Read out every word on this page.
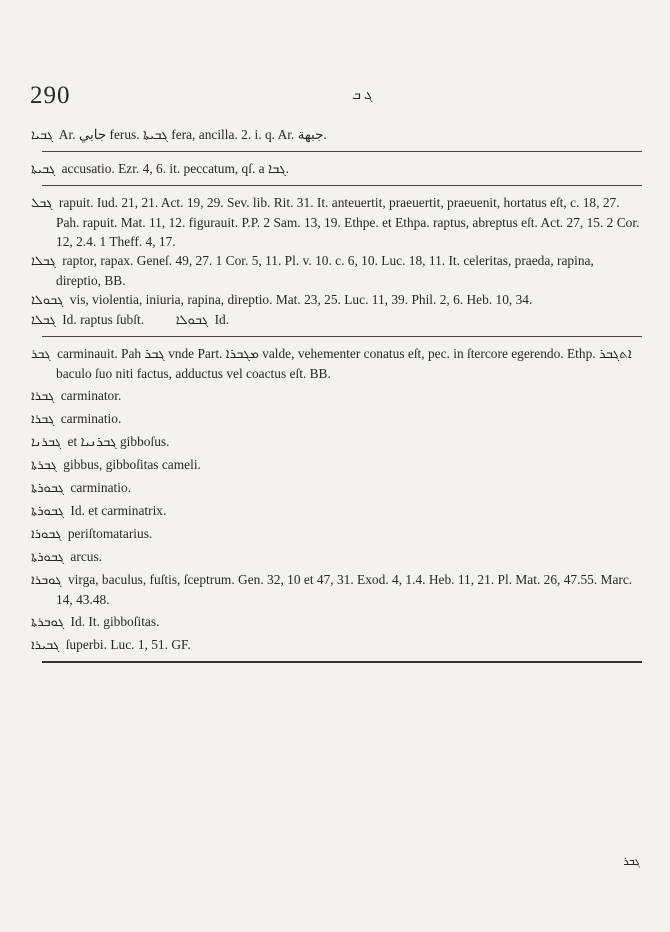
290	ܓ ܒ

ܓܒܝܐ Ar. جابي ferus. ܓܒܝܬܐ fera, ancilla. 2. i. q. Ar. جبهة.

ܓܒܝܬܐ accusatio. Ezr. 4, 6. it. peccatum, qſ. a ܓܒܐ.

ܓܒܠ rapuit. Iud. 21, 21. Act. 19, 29. Sev. lib. Rit. 31. It. anteuertit, praeuertit, praeuenit, hortatus eſt, c. 18, 27. Pah. rapuit. Mat. 11, 12. figurauit. P.P. 2 Sam. 13, 19. Ethpe. et Ethpa. raptus, abreptus eſt. Act. 27, 15. 2 Cor. 12, 2.4. 1 Theff. 4, 17.

ܓܒܠܐ raptor, rapax. Geneſ. 49, 27. 1 Cor. 5, 11. Pl. v. 10. c. 6, 10. Luc. 18, 11. It. celeritas, praeda, rapina, direptio, BB.

ܓܒܘܠܐ vis, violentia, iniuria, rapina, direptio. Mat. 23, 25. Luc. 11, 39. Phil. 2, 6. Heb. 10, 34.

ܓܒܠܐ Id. raptus ſubſt. ܓܒܘܠܐ Id.

ܓܒܪ carminauit. Pah ܓܒܪ vnde Part. ܡܓܒܪܐ valde, vehementer conatus eſt, pec. in ſtercore egerendo. Ethp. ܐܬܓܒܪ baculo ſuo niti factus, adductus vel coactus eſt. BB.

ܓܒܪܐ carminator.

ܓܒܪܐ carminatio.

ܓܒܪܢܐ et ܓܒܪܢܝܐ gibboſus.

ܓܒܪܬܐ gibbus, gibboſitas cameli.

ܓܒܘܪܬܐ carminatio.

ܓܒܘܪܬܐ Id. et carminatrix.

ܓܒܘܪܐ periſtomatarius.

ܓܒܘܪܬܐ arcus.

ܓܘܒܪܐ virga, baculus, fuſtis, ſceptrum. Gen. 32, 10 et 47, 31. Exod. 4, 1.4. Heb. 11, 21. Pl. Mat. 26, 47.55. Marc. 14, 43.48.

ܓܘܒܪܬܐ Id. It. gibboſitas.

ܓܒܝܪܐ ſuperbi. Luc. 1, 51. GF.

ܓܒܪ
